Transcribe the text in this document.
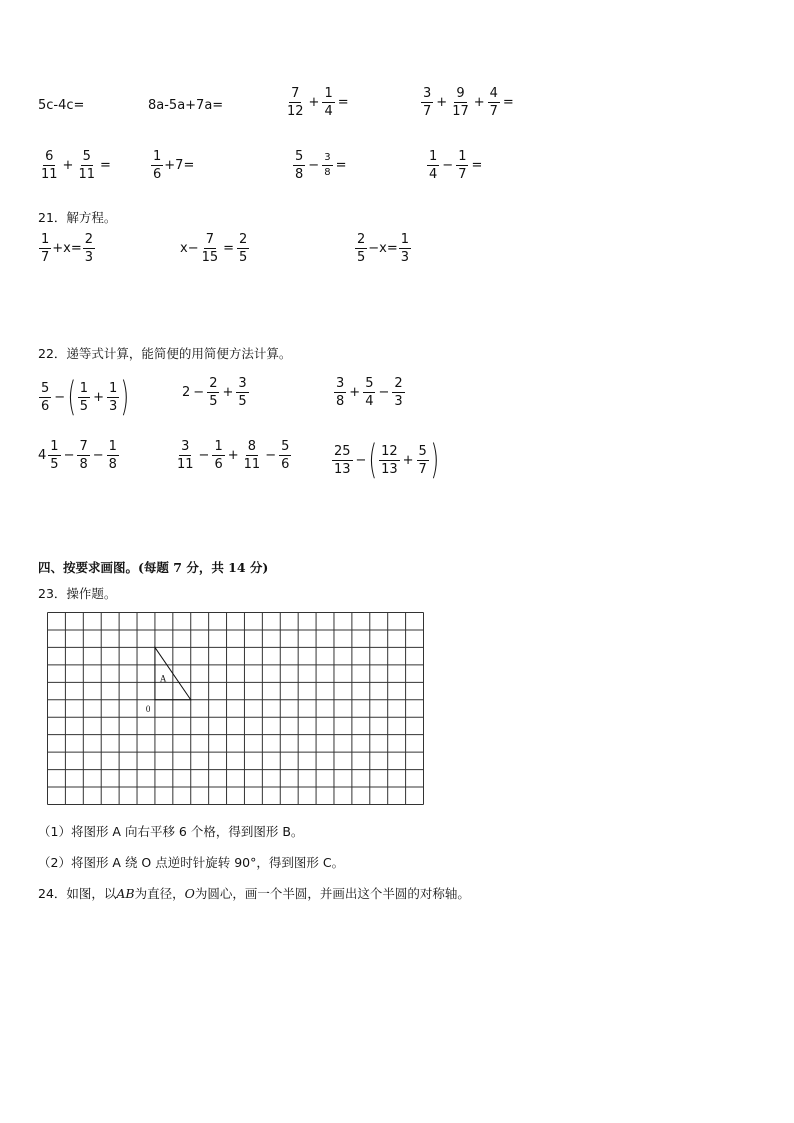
5c-4c=	8a-5a+7a=	$\frac{7}{12} + \frac{1}{4}$ =	$\frac{3}{7} + \frac{9}{17} + \frac{4}{7}$ =
$\frac{6}{11} + \frac{5}{11}$ =	$\frac{1}{6} +7=$	$\frac{5}{8} - \frac{3}{8}$ =	$\frac{1}{4} - \frac{1}{7}$ =
21．解方程。
$\frac{1}{7} +x= \frac{2}{3}$	$x- \frac{7}{15} = \frac{2}{5}$	$\frac{2}{5} -x= \frac{1}{3}$
22．递等式计算，能简便的用简便方法计算。
$\frac{5}{6}$ − ( $\frac{1}{5} + \frac{1}{3}$ )	$2 - \frac{2}{5} + \frac{3}{5}$	$\frac{3}{8} + \frac{5}{4} - \frac{2}{3}$
$4 \frac{1}{5} - \frac{7}{8} - \frac{1}{8}$	$\frac{3}{11} - \frac{1}{6} + \frac{8}{11} - \frac{5}{6}$	$\frac{25}{13}$ − ( $\frac{12}{13} + \frac{5}{7}$ )
四、按要求画图。(每题 7 分，共 14 分)
23．操作题。
A
0
（1）将图形 A 向右平移 6 个格，得到图形 B。
（2）将图形 A 绕 O 点逆时针旋转 90°，得到图形 C。
24．如图，以AB为直径，O为圆心，画一个半圆，并画出这个半圆的对称轴。
